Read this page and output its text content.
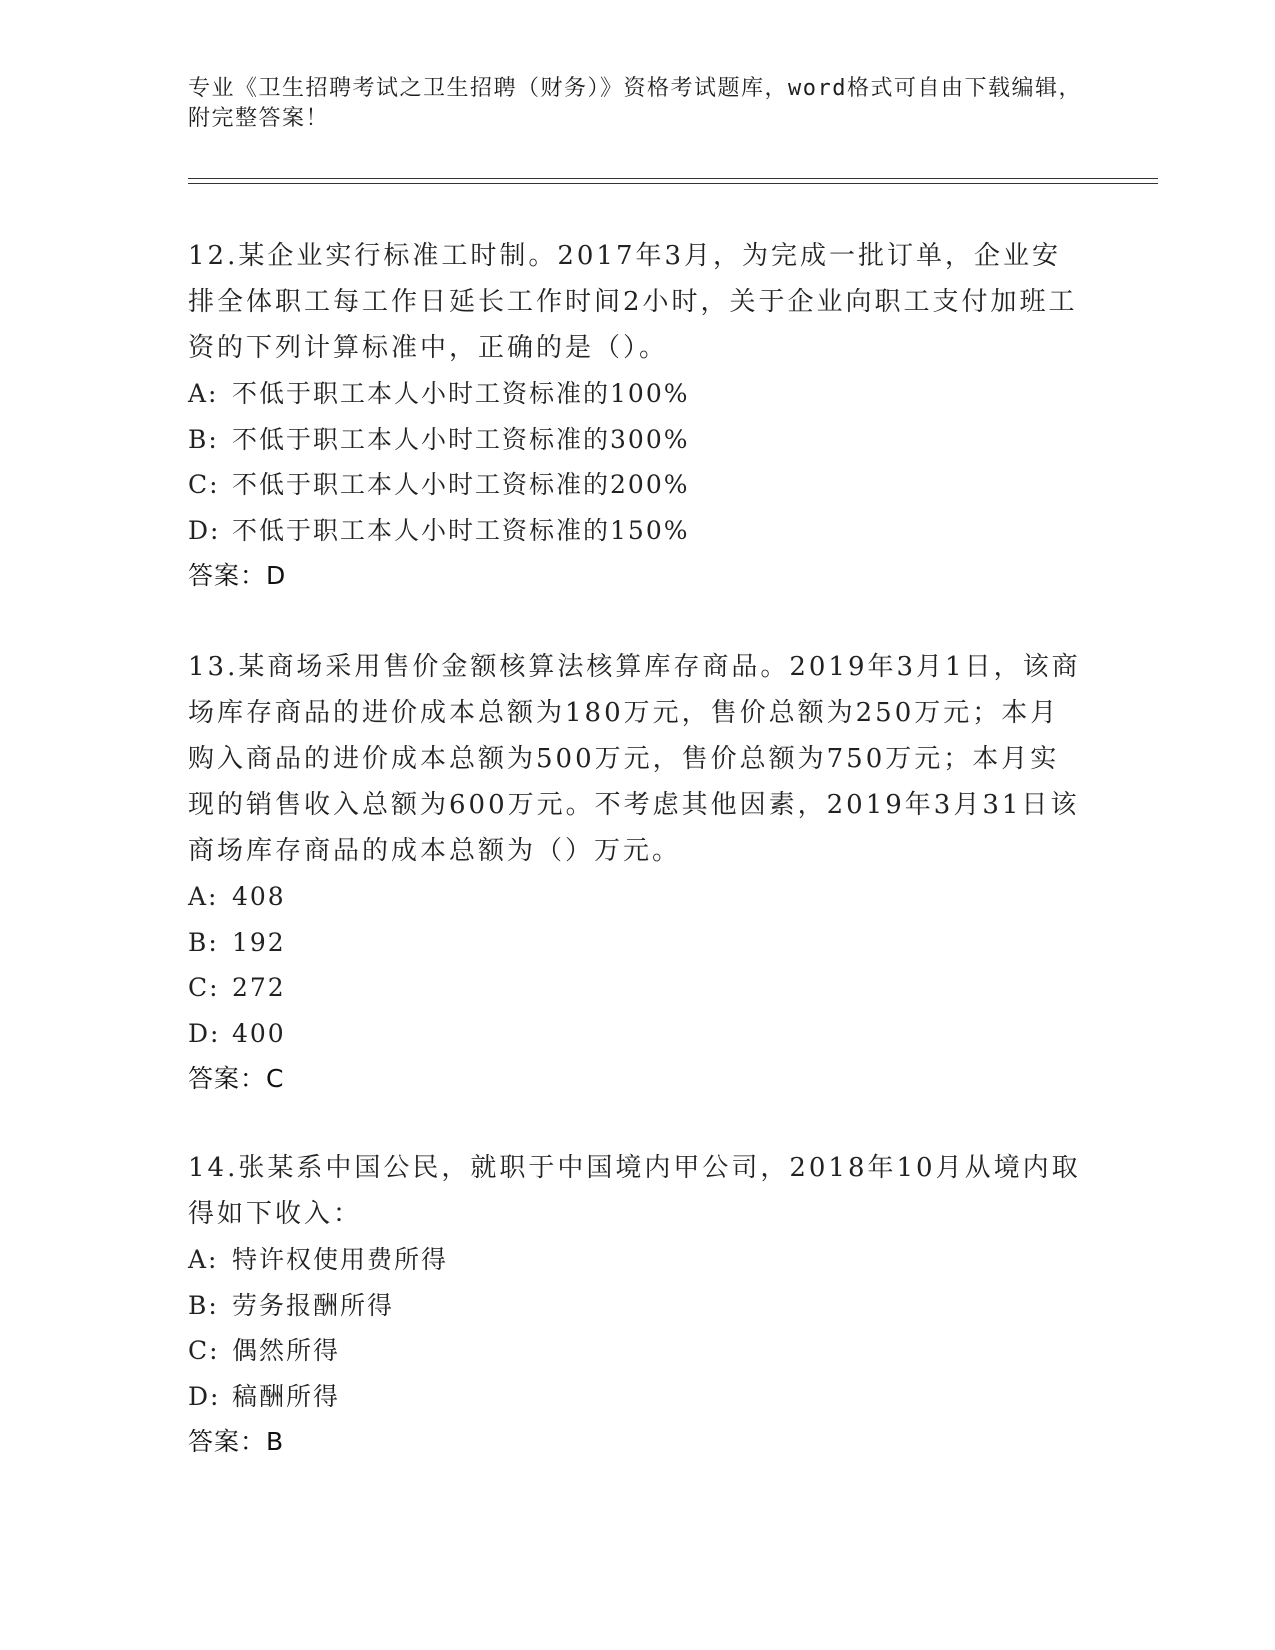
专业《卫生招聘考试之卫生招聘（财务）》资格考试题库，word格式可自由下载编辑，附完整答案！

12.某企业实行标准工时制。2017年3月，为完成一批订单，企业安排全体职工每工作日延长工作时间2小时，关于企业向职工支付加班工资的下列计算标准中，正确的是（）。

A: 不低于职工本人小时工资标准的100%
B: 不低于职工本人小时工资标准的300%
C: 不低于职工本人小时工资标准的200%
D: 不低于职工本人小时工资标准的150%
答案：D

13.某商场采用售价金额核算法核算库存商品。2019年3月1日，该商场库存商品的进价成本总额为180万元，售价总额为250万元；本月购入商品的进价成本总额为500万元，售价总额为750万元；本月实现的销售收入总额为600万元。不考虑其他因素，2019年3月31日该商场库存商品的成本总额为（）万元。

A: 408
B: 192
C: 272
D: 400
答案：C

14.张某系中国公民，就职于中国境内甲公司，2018年10月从境内取得如下收入：

A: 特许权使用费所得
B: 劳务报酬所得
C: 偶然所得
D: 稿酬所得
答案：B
